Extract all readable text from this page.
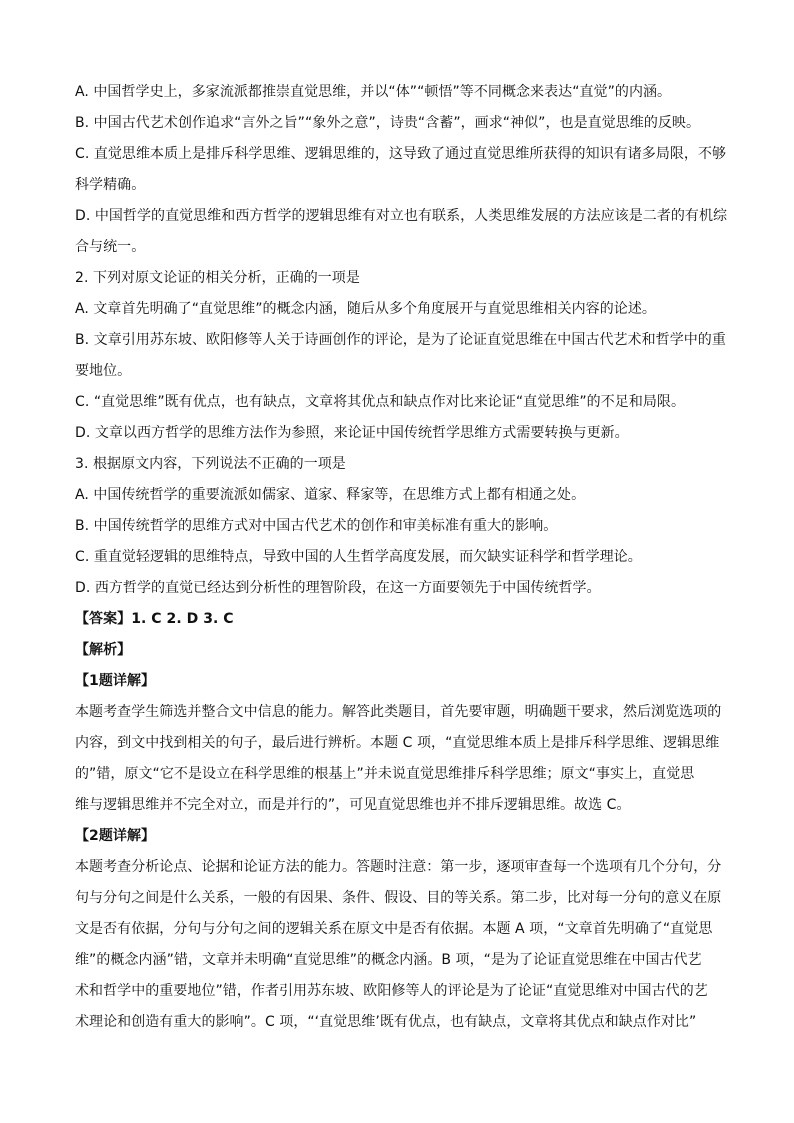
A. 中国哲学史上，多家流派都推崇直觉思维，并以“体”“顿悟”等不同概念来表达“直觉”的内涵。
B. 中国古代艺术创作追求“言外之旨”“象外之意”，诗贵“含蓄”，画求“神似”，也是直觉思维的反映。
C. 直觉思维本质上是排斥科学思维、逻辑思维的，这导致了通过直觉思维所获得的知识有诸多局限，不够
科学精确。
D. 中国哲学的直觉思维和西方哲学的逻辑思维有对立也有联系，人类思维发展的方法应该是二者的有机综
合与统一。
2. 下列对原文论证的相关分析，正确的一项是
A. 文章首先明确了“直觉思维”的概念内涵，随后从多个角度展开与直觉思维相关内容的论述。
B. 文章引用苏东坡、欧阳修等人关于诗画创作的评论，是为了论证直觉思维在中国古代艺术和哲学中的重
要地位。
C. “直觉思维”既有优点，也有缺点，文章将其优点和缺点作对比来论证“直觉思维”的不足和局限。
D. 文章以西方哲学的思维方法作为参照，来论证中国传统哲学思维方式需要转换与更新。
3. 根据原文内容，下列说法不正确的一项是
A. 中国传统哲学的重要流派如儒家、道家、释家等，在思维方式上都有相通之处。
B. 中国传统哲学的思维方式对中国古代艺术的创作和审美标准有重大的影响。
C. 重直觉轻逻辑的思维特点，导致中国的人生哲学高度发展，而欠缺实证科学和哲学理论。
D. 西方哲学的直觉已经达到分析性的理智阶段，在这一方面要领先于中国传统哲学。
【答案】1. C 2. D 3. C
【解析】
【1题详解】
本题考查学生筛选并整合文中信息的能力。解答此类题目，首先要审题，明确题干要求，然后浏览选项的
内容，到文中找到相关的句子，最后进行辨析。本题 C 项，“直觉思维本质上是排斥科学思维、逻辑思维
的”错，原文“它不是设立在科学思维的根基上”并未说直觉思维排斥科学思维；原文“事实上，直觉思
维与逻辑思维并不完全对立，而是并行的”，可见直觉思维也并不排斥逻辑思维。故选 C。
【2题详解】
本题考查分析论点、论据和论证方法的能力。答题时注意：第一步，逐项审查每一个选项有几个分句，分
句与分句之间是什么关系，一般的有因果、条件、假设、目的等关系。第二步，比对每一分句的意义在原
文是否有依据，分句与分句之间的逻辑关系在原文中是否有依据。本题 A 项，“文章首先明确了“直觉思
维”的概念内涵”错，文章并未明确“直觉思维”的概念内涵。B 项，“是为了论证直觉思维在中国古代艺
术和哲学中的重要地位”错，作者引用苏东坡、欧阳修等人的评论是为了论证“直觉思维对中国古代的艺
术理论和创造有重大的影响”。C 项，“‘直觉思维’既有优点，也有缺点，文章将其优点和缺点作对比”
